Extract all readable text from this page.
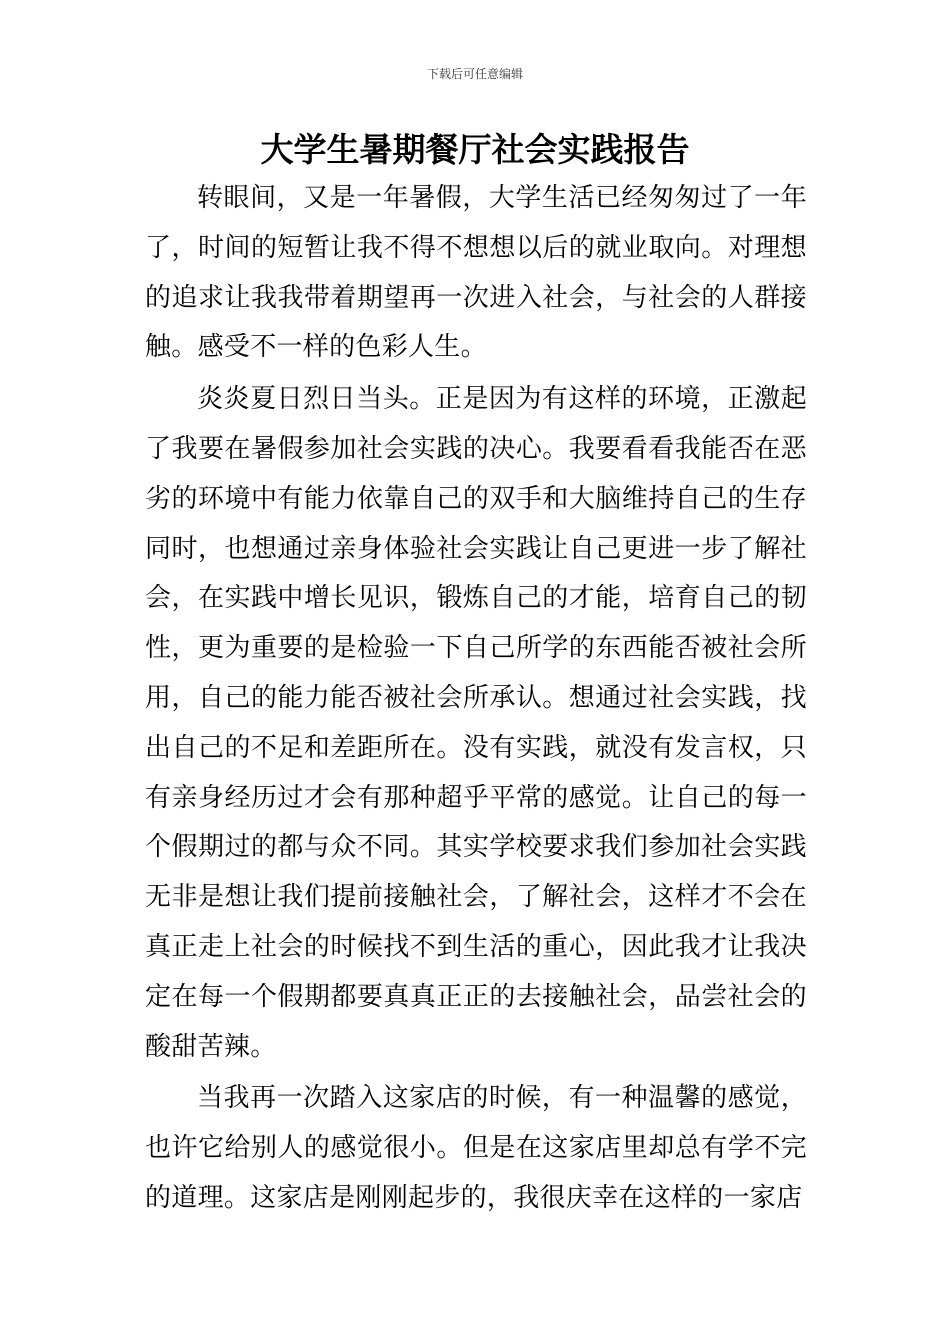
下载后可任意编辑
大学生暑期餐厅社会实践报告

转眼间，又是一年暑假，大学生活已经匆匆过了一年了，时间的短暂让我不得不想想以后的就业取向。对理想的追求让我我带着期望再一次进入社会，与社会的人群接触。感受不一样的色彩人生。

炎炎夏日烈日当头。正是因为有这样的环境，正激起了我要在暑假参加社会实践的决心。我要看看我能否在恶劣的环境中有能力依靠自己的双手和大脑维持自己的生存同时，也想通过亲身体验社会实践让自己更进一步了解社会，在实践中增长见识，锻炼自己的才能，培育自己的韧性，更为重要的是检验一下自己所学的东西能否被社会所用，自己的能力能否被社会所承认。想通过社会实践，找出自己的不足和差距所在。没有实践，就没有发言权，只有亲身经历过才会有那种超乎平常的感觉。让自己的每一个假期过的都与众不同。其实学校要求我们参加社会实践无非是想让我们提前接触社会，了解社会，这样才不会在真正走上社会的时候找不到生活的重心，因此我才让我决定在每一个假期都要真真正正的去接触社会，品尝社会的酸甜苦辣。

当我再一次踏入这家店的时候，有一种温馨的感觉，也许它给别人的感觉很小。但是在这家店里却总有学不完的道理。这家店是刚刚起步的，我很庆幸在这样的一家店
